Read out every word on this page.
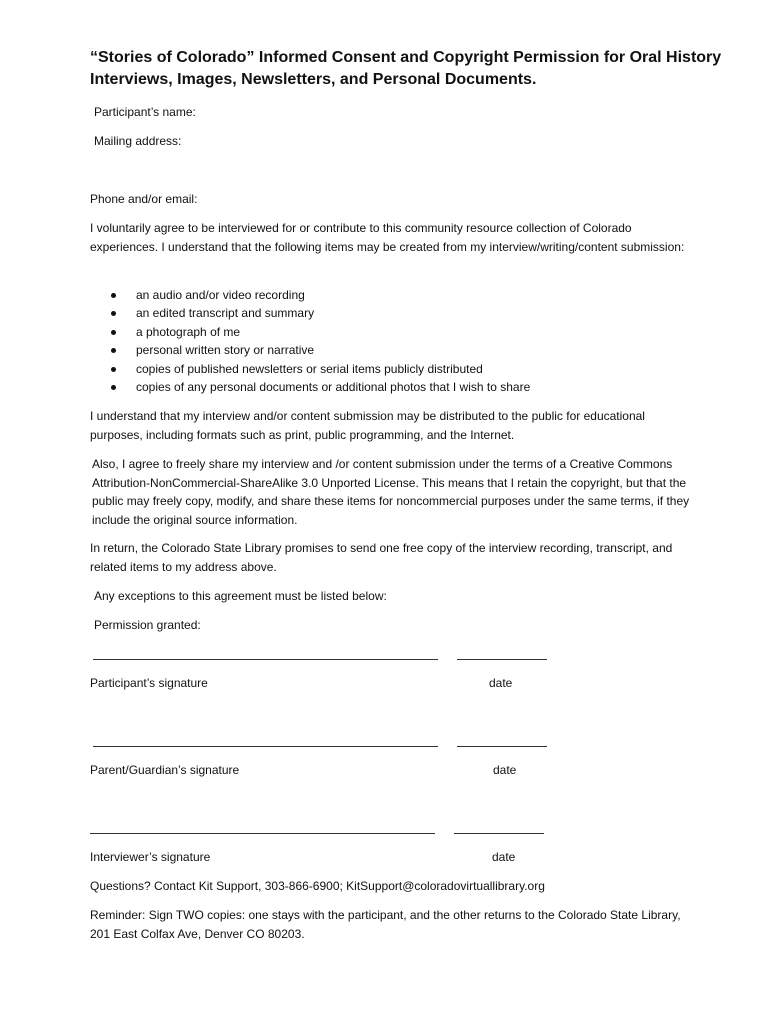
“Stories of Colorado” Informed Consent and Copyright Permission for Oral History Interviews, Images, Newsletters, and Personal Documents.

Participant’s name:

Mailing address:

Phone and/or email:

I voluntarily agree to be interviewed for or contribute to this community resource collection of Colorado experiences. I understand that the following items may be created from my interview/writing/content submission:

an audio and/or video recording
an edited transcript and summary
a photograph of me
personal written story or narrative
copies of published newsletters or serial items publicly distributed
copies of any personal documents or additional photos that I wish to share

I understand that my interview and/or content submission may be distributed to the public for educational purposes, including formats such as print, public programming, and the Internet.

Also, I agree to freely share my interview and /or content submission under the terms of a Creative Commons Attribution-NonCommercial-ShareAlike 3.0 Unported License. This means that I retain the copyright, but that the public may freely copy, modify, and share these items for noncommercial purposes under the same terms, if they include the original source information.

In return, the Colorado State Library promises to send one free copy of the interview recording, transcript, and related items to my address above.

Any exceptions to this agreement must be listed below:

Permission granted:

Participant’s signature	date

Parent/Guardian’s signature	date

Interviewer’s signature	date

Questions? Contact Kit Support, 303-866-6900; KitSupport@coloradovirtuallibrary.org

Reminder: Sign TWO copies: one stays with the participant, and the other returns to the Colorado State Library, 201 East Colfax Ave, Denver CO 80203.
